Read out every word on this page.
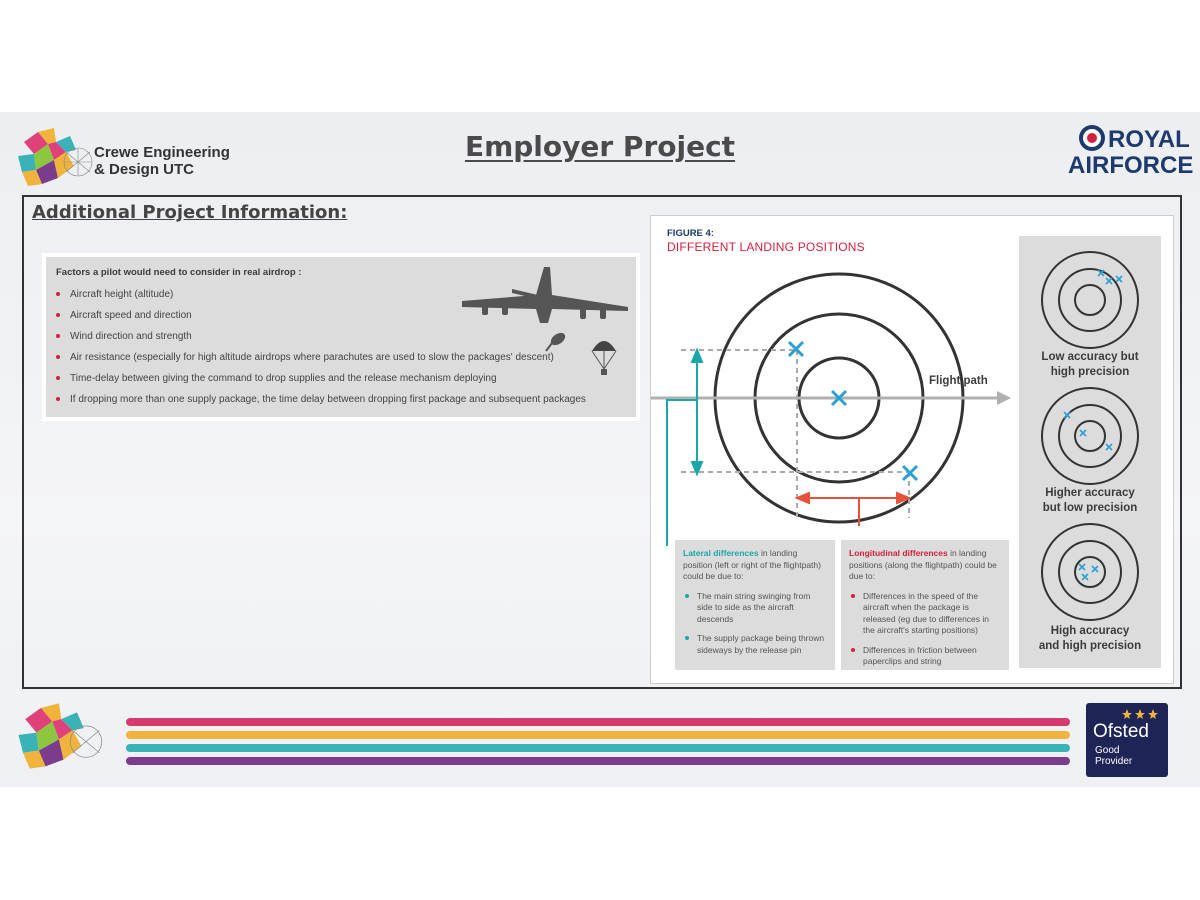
Crewe Engineering
& Design UTC
Employer Project	ROYAL
AIRFORCE
Additional Project Information:
Factors a pilot would need to consider in real airdrop :
Aircraft height (altitude)
Aircraft speed and direction
Wind direction and strength
Air resistance (especially for high altitude airdrops where parachutes are used to slow the packages' descent)
Time-delay between giving the command to drop supplies and the release mechanism deploying
If dropping more than one supply package, the time delay between dropping first package and subsequent packages
FIGURE 4:
DIFFERENT LANDING POSITIONS
Flight path
Low accuracy but
high precision
Higher accuracy
but low precision
High accuracy
and high precision
Lateral differences in landing position (left or right of the flightpath) could be due to:
The main string swinging from side to side as the aircraft descends
The supply package being thrown sideways by the release pin
Longitudinal differences in landing positions (along the flightpath) could be due to:
Differences in the speed of the aircraft when the package is released (eg due to differences in the aircraft's starting positions)
Differences in friction between paperclips and string
Ofsted
Good
Provider
